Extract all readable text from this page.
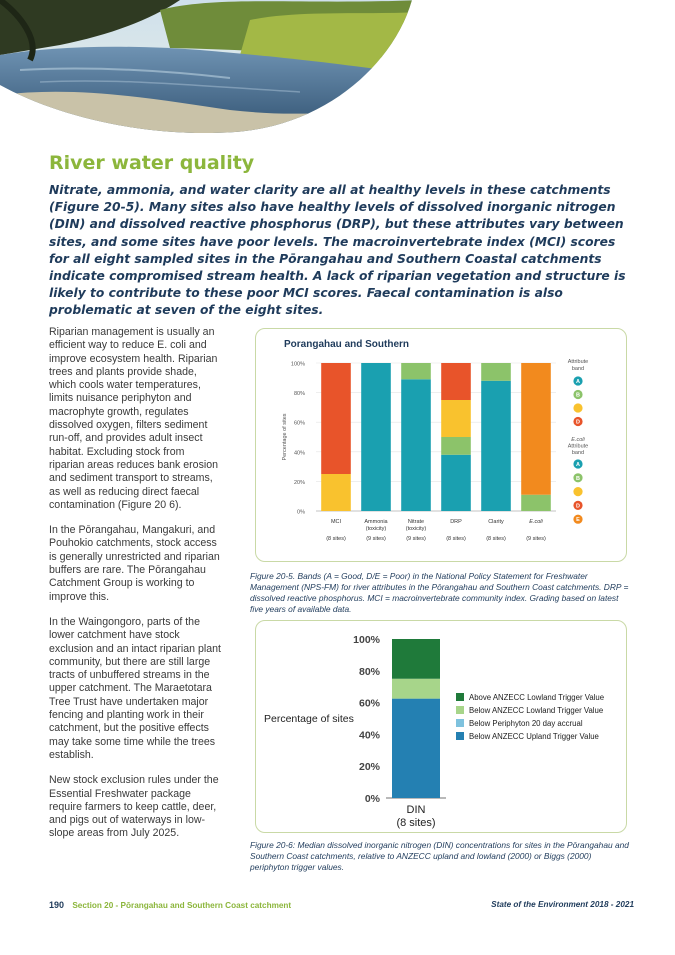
River water quality
Nitrate, ammonia, and water clarity are all at healthy levels in these catchments (Figure 20-5). Many sites also have healthy levels of dissolved inorganic nitrogen (DIN) and dissolved reactive phosphorus (DRP), but these attributes vary between sites, and some sites have poor levels. The macroinvertebrate index (MCI) scores for all eight sampled sites in the Pōrangahau and Southern Coastal catchments indicate compromised stream health. A lack of riparian vegetation and structure is likely to contribute to these poor MCI scores. Faecal contamination is also problematic at seven of the eight sites.

Riparian management is usually an efficient way to reduce E. coli and improve ecosystem health. Riparian trees and plants provide shade, which cools water temperatures, limits nuisance periphyton and macrophyte growth, regulates dissolved oxygen, filters sediment run-off, and provides adult insect habitat. Excluding stock from riparian areas reduces bank erosion and sediment transport to streams, as well as reducing direct faecal contamination (Figure 20 6).

In the Pōrangahau, Mangakuri, and Pouhokio catchments, stock access is generally unrestricted and riparian buffers are rare. The Pōrangahau Catchment Group is working to improve this.

In the Waingongoro, parts of the lower catchment have stock exclusion and an intact riparian plant community, but there are still large tracts of unbuffered streams in the upper catchment. The Maraetotara Tree Trust have undertaken major fencing and planting work in their catchment, but the positive effects may take some time while the trees establish.

New stock exclusion rules under the Essential Freshwater package require farmers to keep cattle, deer, and pigs out of waterways in low-slope areas from July 2025.

Porangahau and Southern
0%
20%
40%
60%
80%
100%
Percentage of sites
MCI
(8 sites)
Ammonia
(toxicity)
(9 sites)
Nitrate
(toxicity)
(9 sites)
DRP
(8 sites)
Clarity
(8 sites)
E.coli
(9 sites)
Attribute
band
A
B
D
E.coli
Attribute
band
A
B
D
E
Figure 20-5. Bands (A = Good, D/E = Poor) in the National Policy Statement for Freshwater Management (NPS-FM) for river attributes in the Pōrangahau and Southern Coast catchments. DRP = dissolved reactive phosphorus. MCI = macroinvertebrate community index. Grading based on latest five years of available data.
0%
20%
40%
60%
80%
100%
Percentage of sites
DIN
(8 sites)
Above ANZECC Lowland Trigger Value
Below ANZECC Lowland Trigger Value
Below Periphyton 20 day accrual
Below ANZECC Upland Trigger Value
Figure 20-6: Median dissolved inorganic nitrogen (DIN) concentrations for sites in the Pōrangahau and Southern Coast catchments, relative to ANZECC upland and lowland (2000) or Biggs (2000) periphyton trigger values.
190 Section 20 - Pōrangahau and Southern Coast catchment	State of the Environment 2018 - 2021
